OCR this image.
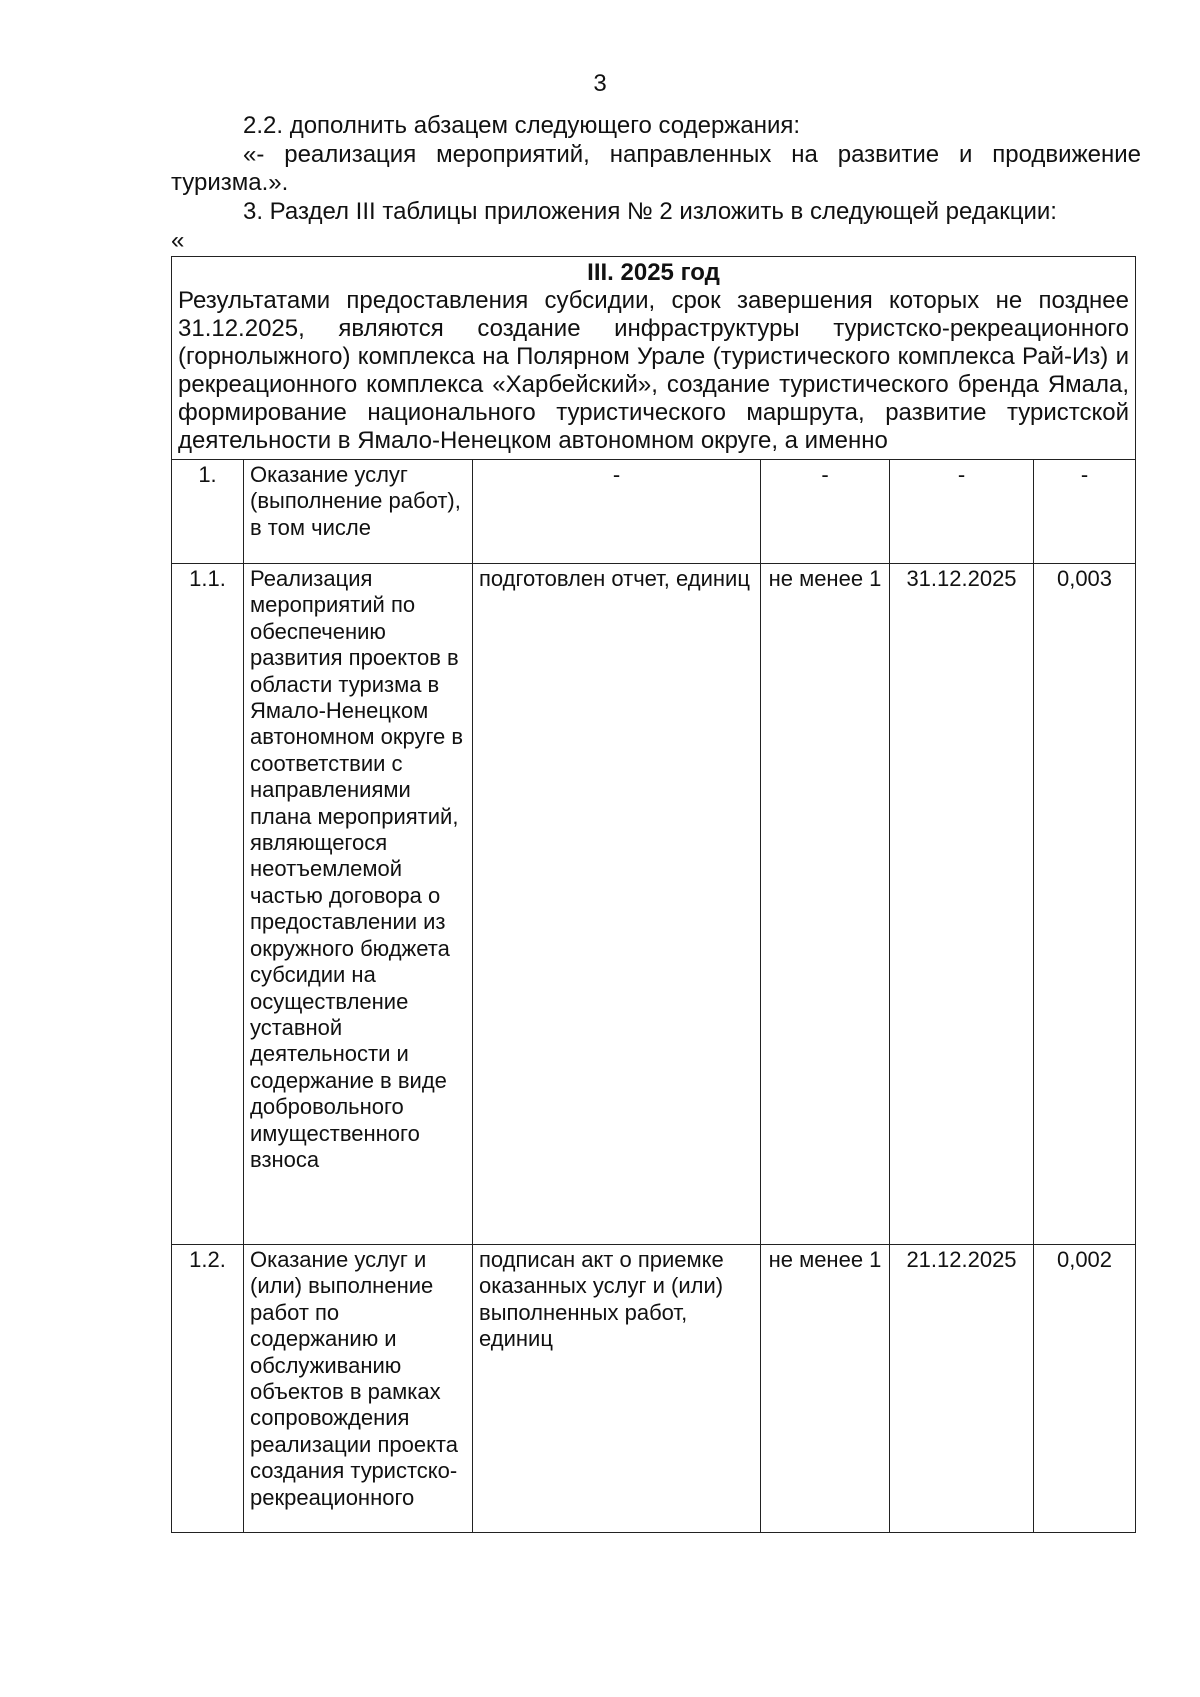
3

2.2. дополнить абзацем следующего содержания:

«- реализация мероприятий, направленных на развитие и продвижение туризма.».

3. Раздел III таблицы приложения № 2 изложить в следующей редакции:

«

III. 2025 год
Результатами предоставления субсидии, срок завершения которых не позднее 31.12.2025, являются создание инфраструктуры туристско-рекреационного (горнолыжного) комплекса на Полярном Урале (туристического комплекса Рай-Из) и рекреационного комплекса «Харбейский», создание туристического бренда Ямала, формирование национального туристического маршрута, развитие туристской деятельности в Ямало-Ненецком автономном округе, а именно					

1.	Оказание услуг (выполнение работ), в том числе	-	-	-	-
1.1.	Реализация мероприятий по обеспечению развития проектов в области туризма в Ямало-Ненецком автономном округе в соответствии с направлениями плана мероприятий, являющегося неотъемлемой частью договора о предоставлении из окружного бюджета субсидии на осуществление уставной деятельности и содержание в виде добровольного имущественного взноса	подготовлен отчет, единиц	не менее 1	31.12.2025	0,003
1.2.	Оказание услуг и (или) выполнение работ по содержанию и обслуживанию объектов в рамках сопровождения реализации проекта создания туристско-рекреационного	подписан акт о приемке оказанных услуг и (или) выполненных работ, единиц	не менее 1	21.12.2025	0,002
